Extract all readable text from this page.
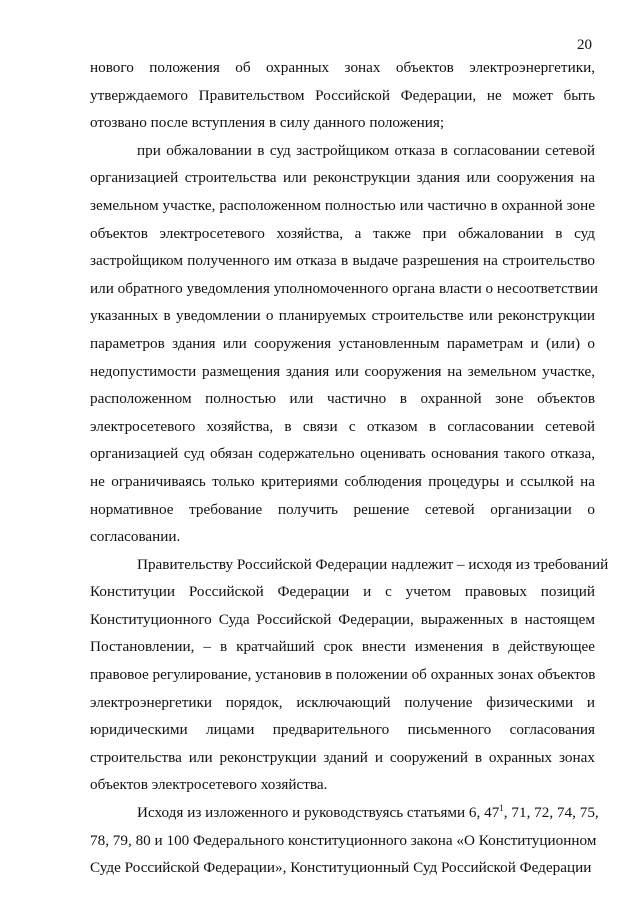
20
нового положения об охранных зонах объектов электроэнергетики,
утверждаемого Правительством Российской Федерации, не может быть
отозвано после вступления в силу данного положения;
при обжаловании в суд застройщиком отказа в согласовании сетевой
организацией строительства или реконструкции здания или сооружения на
земельном участке, расположенном полностью или частично в охранной зоне
объектов электросетевого хозяйства, а также при обжаловании в суд
застройщиком полученного им отказа в выдаче разрешения на строительство
или обратного уведомления уполномоченного органа власти о несоответствии
указанных в уведомлении о планируемых строительстве или реконструкции
параметров здания или сооружения установленным параметрам и (или) о
недопустимости размещения здания или сооружения на земельном участке,
расположенном полностью или частично в охранной зоне объектов
электросетевого хозяйства, в связи с отказом в согласовании сетевой
организацией суд обязан содержательно оценивать основания такого отказа,
не ограничиваясь только критериями соблюдения процедуры и ссылкой на
нормативное требование получить решение сетевой организации о
согласовании.
Правительству Российской Федерации надлежит – исходя из требований
Конституции Российской Федерации и с учетом правовых позиций
Конституционного Суда Российской Федерации, выраженных в настоящем
Постановлении, – в кратчайший срок внести изменения в действующее
правовое регулирование, установив в положении об охранных зонах объектов
электроэнергетики порядок, исключающий получение физическими и
юридическими лицами предварительного письменного согласования
строительства или реконструкции зданий и сооружений в охранных зонах
объектов электросетевого хозяйства.
Исходя из изложенного и руководствуясь статьями 6, $47^1$, 71, 72, 74, 75,
78, 79, 80 и 100 Федерального конституционного закона «О Конституционном
Суде Российской Федерации», Конституционный Суд Российской Федерации
